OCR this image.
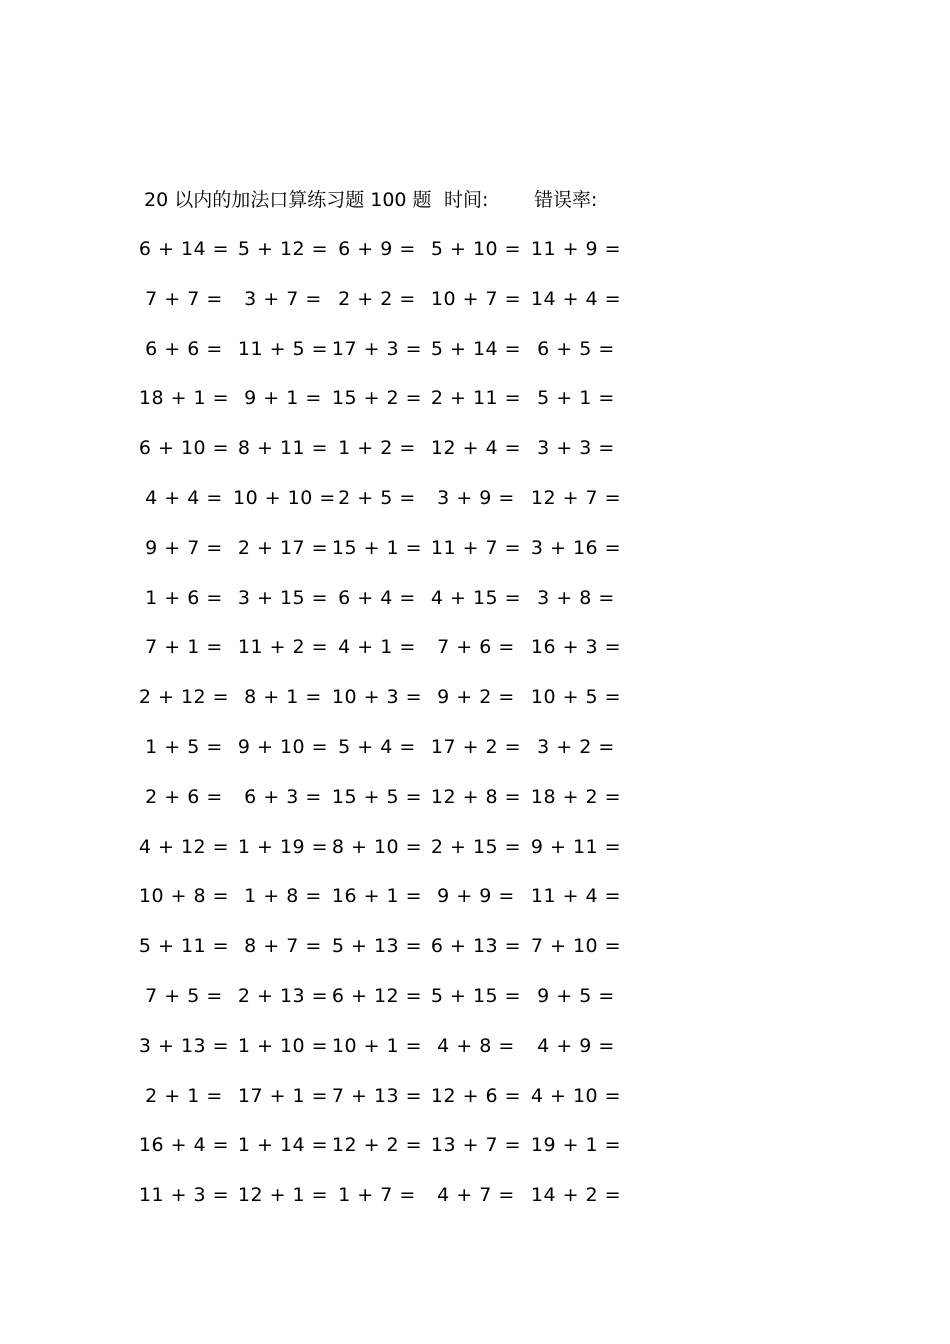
20 以内的加法口算练习题 100 题 时间: 错误率:
6 + 14 = 5 + 12 = 6 + 9 = 5 + 10 = 11 + 9 =
7 + 7 =	3 + 7 = 2 + 2 = 10 + 7 = 14 + 4 =
6 + 6 = 11 + 5 = 17 + 3 = 5 + 14 = 6 + 5 =
18 + 1 = 9 + 1 = 15 + 2 = 2 + 11 = 5 + 1 =
6 + 10 = 8 + 11 = 1 + 2 = 12 + 4 = 3 + 3 =
4 + 4 = 10 + 10 = 2 + 5 =	3 + 9 = 12 + 7 =
9 + 7 = 2 + 17 = 15 + 1 = 11 + 7 = 3 + 16 =
1 + 6 = 3 + 15 = 6 + 4 = 4 + 15 = 3 + 8 =
7 + 1 = 11 + 2 = 4 + 1 =	7 + 6 = 16 + 3 =
2 + 12 = 8 + 1 = 10 + 3 = 9 + 2 = 10 + 5 =
1 + 5 = 9 + 10 = 5 + 4 = 17 + 2 = 3 + 2 =
2 + 6 =	6 + 3 = 15 + 5 = 12 + 8 = 18 + 2 =
4 + 12 = 1 + 19 = 8 + 10 = 2 + 15 = 9 + 11 =
10 + 8 = 1 + 8 = 16 + 1 = 9 + 9 = 11 + 4 =
5 + 11 = 8 + 7 = 5 + 13 = 6 + 13 = 7 + 10 =
7 + 5 = 2 + 13 = 6 + 12 = 5 + 15 = 9 + 5 =
3 + 13 = 1 + 10 = 10 + 1 = 4 + 8 =	4 + 9 =
2 + 1 = 17 + 1 = 7 + 13 = 12 + 6 = 4 + 10 =
16 + 4 = 1 + 14 = 12 + 2 = 13 + 7 = 19 + 1 =
11 + 3 = 12 + 1 = 1 + 7 =	4 + 7 = 14 + 2 =
